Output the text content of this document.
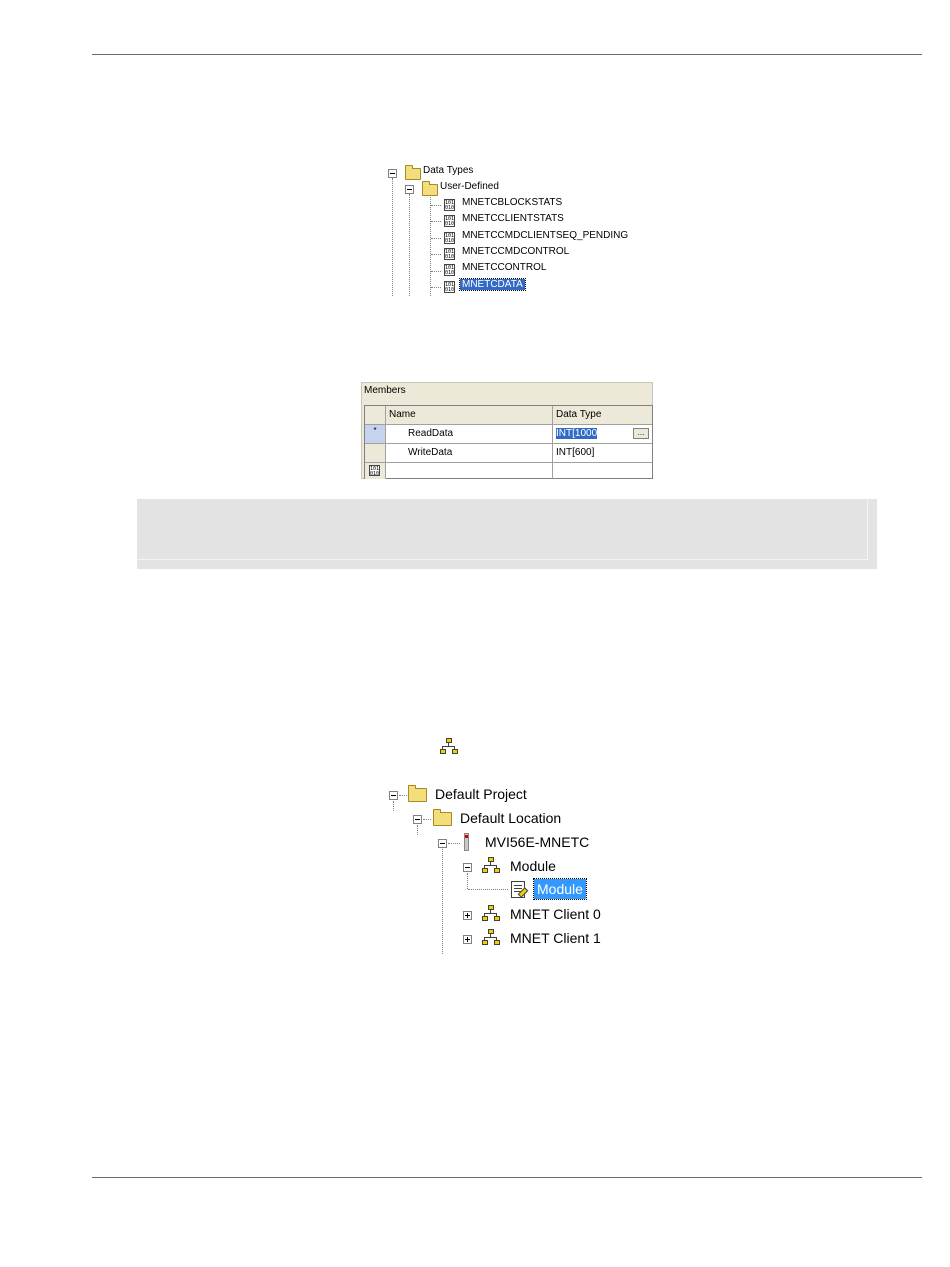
Data Types
User-Defined
101
010 MNETCBLOCKSTATS
101
010 MNETCCLIENTSTATS
101
010 MNETCCMDCLIENTSEQ_PENDING
101
010 MNETCCMDCONTROL
101
010 MNETCCONTROL
101
010 MNETCDATA
Members
Name	Data Type
*	ReadData	INT[1000	...
WriteData	INT[600]
101
010
Default Project
Default Location
MVI56E-MNETC
Module
Module
MNET Client 0
MNET Client 1
